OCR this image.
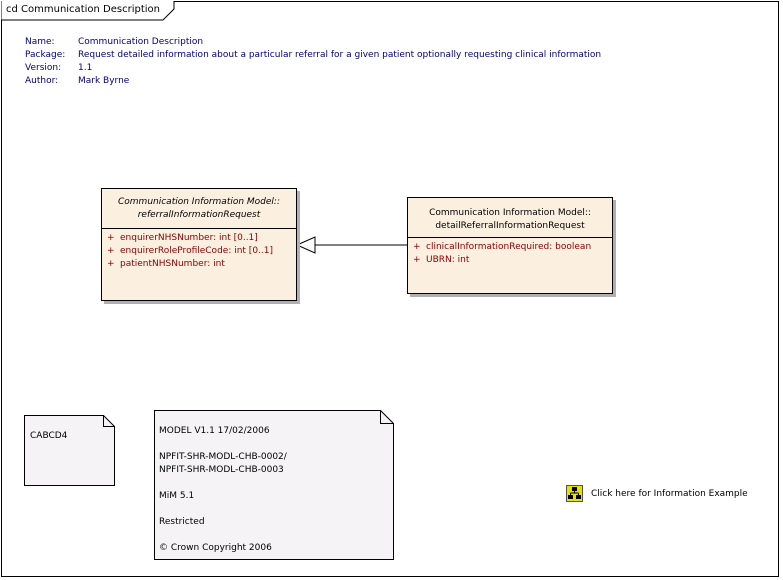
cd Communication Description
Name:	Communication Description
Package:	Request detailed information about a particular referral for a given patient optionally requesting clinical information
Version:	1.1
Author:	Mark Byrne
Communication Information Model::
referralInformationRequest
+ enquirerNHSNumber: int [0..1]
+ enquirerRoleProfileCode: int [0..1]
+ patientNHSNumber: int
Communication Information Model::
detailReferralInformationRequest
+ clinicalInformationRequired: boolean
+ UBRN: int
CABCD4	MODEL V1.1 17/02/2006
NPFIT-SHR-MODL-CHB-0002/
NPFIT-SHR-MODL-CHB-0003
MiM 5.1
Restricted
© Crown Copyright 2006
Click here for Information Example
